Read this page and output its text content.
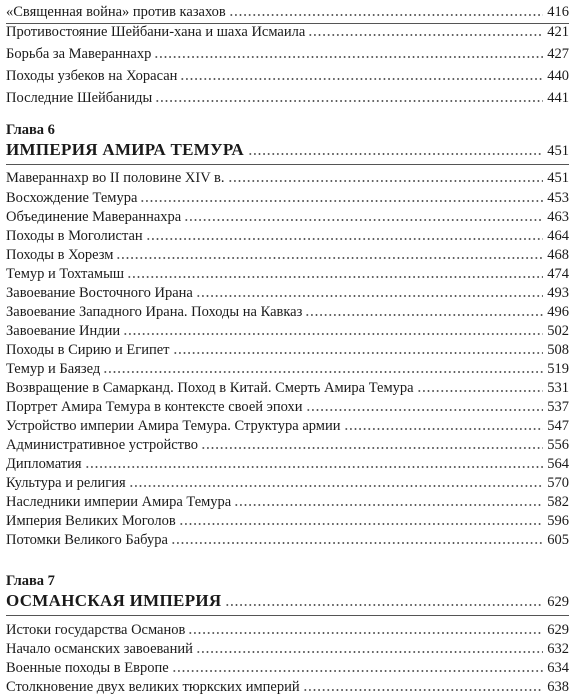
«Священная война» против казахов	416
Противостояние Шейбани-хана и шаха Исмаила	421
Борьба за Мавераннахр	427
Походы узбеков на Хорасан	440
Последние Шейбаниды	441
Глава 6
ИМПЕРИЯ АМИРА ТЕМУРА	451
Мавераннахр во II половине XIV в.	451
Восхождение Темура	453
Объединение Мавераннахра	463
Походы в Моголистан	464
Походы в Хорезм	468
Темур и Тохтамыш	474
Завоевание Восточного Ирана	493
Завоевание Западного Ирана. Походы на Кавказ	496
Завоевание Индии	502
Походы в Сирию и Египет	508
Темур и Баязед	519
Возвращение в Самарканд. Поход в Китай. Смерть Амира Темура	531
Портрет Амира Темура в контексте своей эпохи	537
Устройство империи Амира Темура. Структура армии	547
Административное устройство	556
Дипломатия	564
Культура и религия	570
Наследники империи Амира Темура	582
Империя Великих Моголов	596
Потомки Великого Бабура	605
Глава 7
ОСМАНСКАЯ ИМПЕРИЯ	629
Истоки государства Османов	629
Начало османских завоеваний	632
Военные походы в Европе	634
Столкновение двух великих тюркских империй	638
